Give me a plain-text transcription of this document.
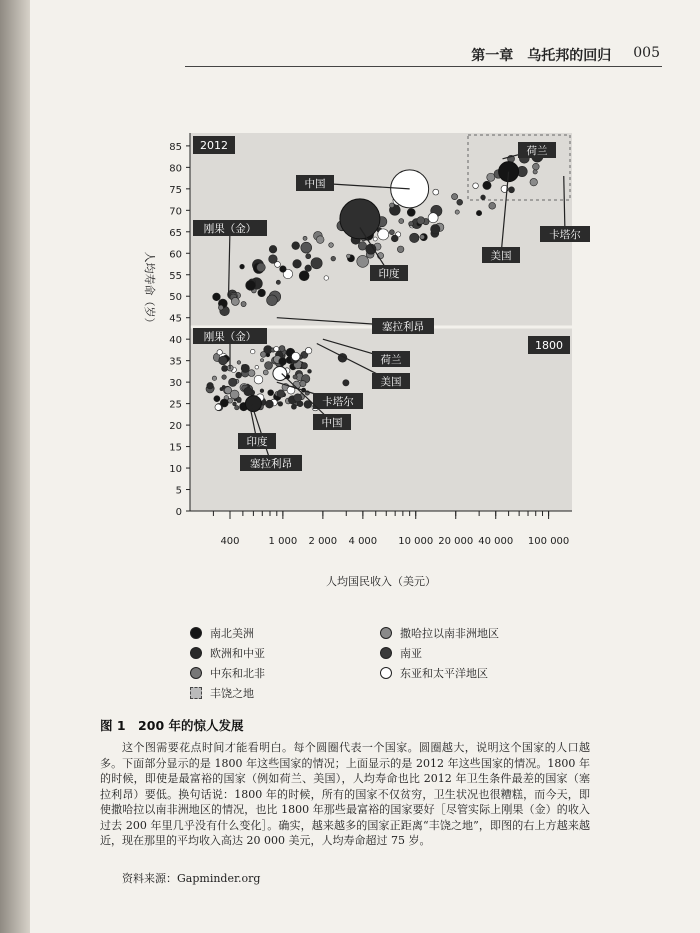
第一章　乌托邦的回归 005
0
5
10
15
20
25
30
35
40
45
50
55
60
65
70
75
80
85
400	1 000 2 000 4 000 10 000 20 000 40 000 100 000
荷兰
中国
刚果（金）
印度
美国
卡塔尔
刚果（金）
塞拉利昂
荷兰
美国
卡塔尔
中国
印度
塞拉利昂
2012
1800
人均寿命（岁）
人均国民收入（美元）
南北美洲	撒哈拉以南非洲地区
欧洲和中亚	南亚
中东和北非	东亚和太平洋地区
丰饶之地
图 1　200 年的惊人发展
这个图需要花点时间才能看明白。每个圆圈代表一个国家。圆圈越大，说明这个国家的人口越多。下面部分显示的是 1800 年这些国家的情况；上面显示的是 2012 年这些国家的情况。1800 年的时候，即使是最富裕的国家（例如荷兰、美国），人均寿命也比 2012 年卫生条件最差的国家（塞拉利昂）要低。换句话说：1800 年的时候，所有的国家不仅贫穷，卫生状况也很糟糕，而今天，即使撒哈拉以南非洲地区的情况，也比 1800 年那些最富裕的国家要好［尽管实际上刚果（金）的收入过去 200 年里几乎没有什么变化］。确实，越来越多的国家正距离“丰饶之地”，即图的右上方越来越近，现在那里的平均收入高达 20 000 美元，人均寿命超过 75 岁。
资料来源：Gapminder.org
